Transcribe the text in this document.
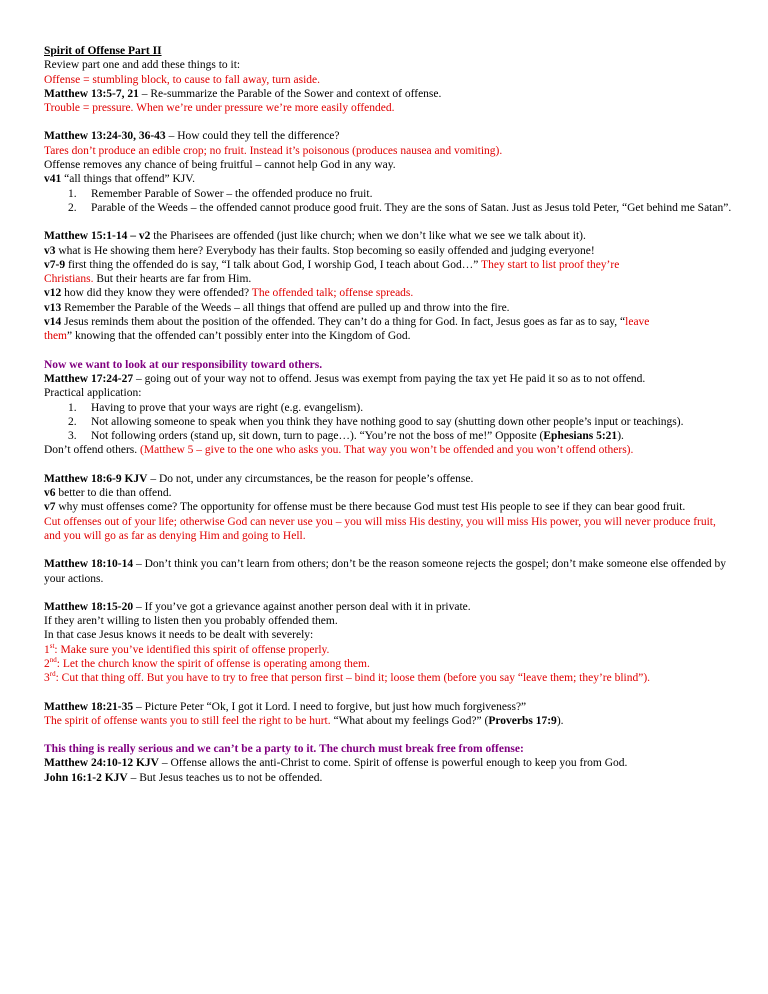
Spirit of Offense Part II
Review part one and add these things to it:
Offense = stumbling block, to cause to fall away, turn aside.
Matthew 13:5-7, 21 – Re-summarize the Parable of the Sower and context of offense.
Trouble = pressure. When we’re under pressure we’re more easily offended.
Matthew 13:24-30, 36-43 – How could they tell the difference?
Tares don’t produce an edible crop; no fruit. Instead it’s poisonous (produces nausea and vomiting).
Offense removes any chance of being fruitful – cannot help God in any way.
v41 “all things that offend” KJV.
1.	Remember Parable of Sower – the offended produce no fruit.
2.	Parable of the Weeds – the offended cannot produce good fruit. They are the sons of Satan. Just as Jesus told Peter, “Get behind me Satan”.
Matthew 15:1-14 – v2 the Pharisees are offended (just like church; when we don’t like what we see we talk about it).
v3 what is He showing them here? Everybody has their faults. Stop becoming so easily offended and judging everyone!
v7-9 first thing the offended do is say, “I talk about God, I worship God, I teach about God…” They start to list proof they’re
Christians. But their hearts are far from Him.
v12 how did they know they were offended? The offended talk; offense spreads.
v13 Remember the Parable of the Weeds – all things that offend are pulled up and throw into the fire.
v14 Jesus reminds them about the position of the offended. They can’t do a thing for God. In fact, Jesus goes as far as to say, “leave
them” knowing that the offended can’t possibly enter into the Kingdom of God.
Now we want to look at our responsibility toward others.
Matthew 17:24-27 – going out of your way not to offend. Jesus was exempt from paying the tax yet He paid it so as to not offend.
Practical application:
1.	Having to prove that your ways are right (e.g. evangelism).
2.	Not allowing someone to speak when you think they have nothing good to say (shutting down other people’s input or teachings).
3.	Not following orders (stand up, sit down, turn to page…). “You’re not the boss of me!” Opposite (Ephesians 5:21).
Don’t offend others. (Matthew 5 – give to the one who asks you. That way you won’t be offended and you won’t offend others).
Matthew 18:6-9 KJV – Do not, under any circumstances, be the reason for people’s offense.
v6 better to die than offend.
v7 why must offenses come? The opportunity for offense must be there because God must test His people to see if they can bear good fruit.
Cut offenses out of your life; otherwise God can never use you – you will miss His destiny, you will miss His power, you will never produce fruit, and you will go as far as denying Him and going to Hell.
Matthew 18:10-14 – Don’t think you can’t learn from others; don’t be the reason someone rejects the gospel; don’t make someone else offended by your actions.
Matthew 18:15-20 – If you’ve got a grievance against another person deal with it in private.
If they aren’t willing to listen then you probably offended them.
In that case Jesus knows it needs to be dealt with severely:
1st: Make sure you’ve identified this spirit of offense properly.
2nd: Let the church know the spirit of offense is operating among them.
3rd: Cut that thing off. But you have to try to free that person first – bind it; loose them (before you say “leave them; they’re blind”).
Matthew 18:21-35 – Picture Peter “Ok, I got it Lord. I need to forgive, but just how much forgiveness?”
The spirit of offense wants you to still feel the right to be hurt. “What about my feelings God?” (Proverbs 17:9).
This thing is really serious and we can’t be a party to it. The church must break free from offense:
Matthew 24:10-12 KJV – Offense allows the anti-Christ to come. Spirit of offense is powerful enough to keep you from God.
John 16:1-2 KJV – But Jesus teaches us to not be offended.
